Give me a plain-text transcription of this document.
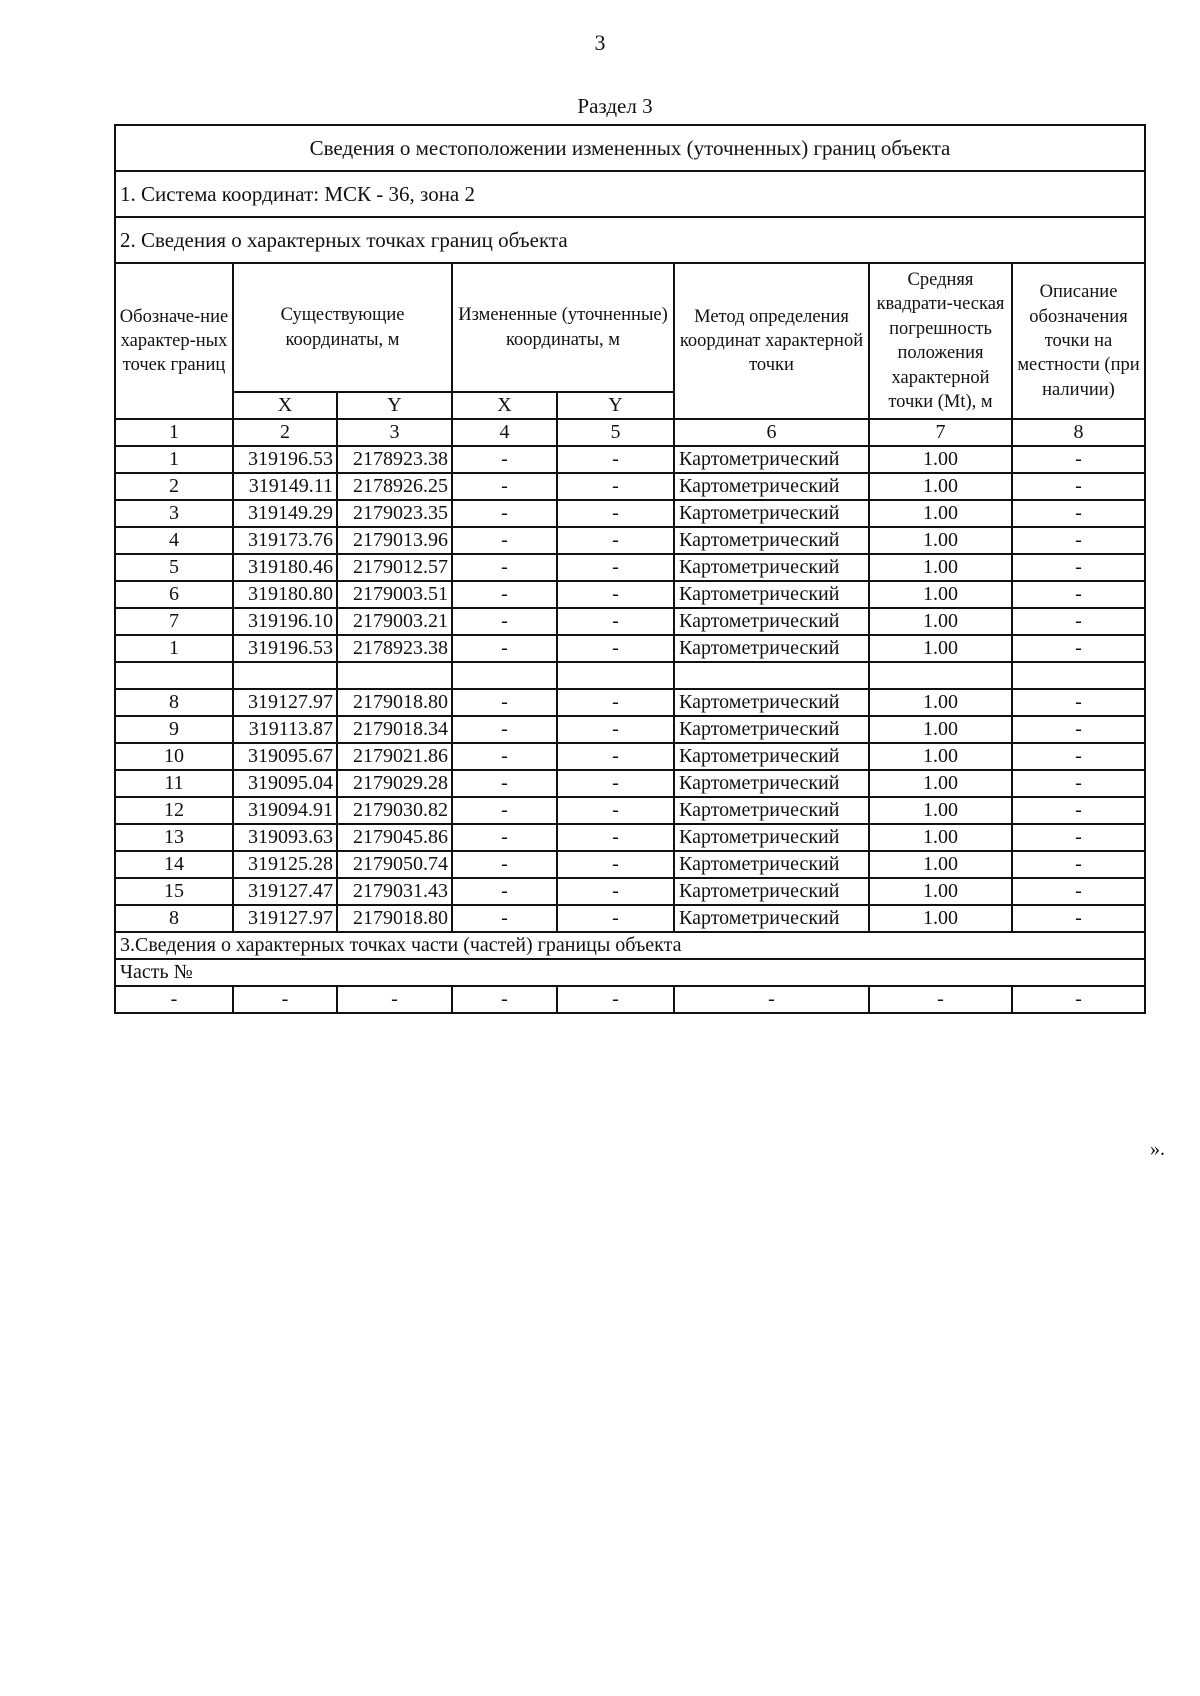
3
Раздел 3
Сведения о местоположении измененных (уточненных) границ объекта							
1. Система координат: МСК - 36, зона 2							
2. Сведения о характерных точках границ объекта							
Обозначе-ние характер-ных точек границ	Существующие координаты, м		Измененные (уточненные) координаты, м		Метод определения координат характерной точки	Средняя квадрати-ческая погрешность положения характерной точки (Mt), м	Описание обозначения точки на местности (при наличии)
	X	Y	X	Y			
1	2	3	4	5	6	7	8
1	319196.53	2178923.38	-	-	Картометрический	1.00	-
2	319149.11	2178926.25	-	-	Картометрический	1.00	-
3	319149.29	2179023.35	-	-	Картометрический	1.00	-
4	319173.76	2179013.96	-	-	Картометрический	1.00	-
5	319180.46	2179012.57	-	-	Картометрический	1.00	-
6	319180.80	2179003.51	-	-	Картометрический	1.00	-
7	319196.10	2179003.21	-	-	Картометрический	1.00	-
1	319196.53	2178923.38	-	-	Картометрический	1.00	-

8	319127.97	2179018.80	-	-	Картометрический	1.00	-
9	319113.87	2179018.34	-	-	Картометрический	1.00	-
10	319095.67	2179021.86	-	-	Картометрический	1.00	-
11	319095.04	2179029.28	-	-	Картометрический	1.00	-
12	319094.91	2179030.82	-	-	Картометрический	1.00	-
13	319093.63	2179045.86	-	-	Картометрический	1.00	-
14	319125.28	2179050.74	-	-	Картометрический	1.00	-
15	319127.47	2179031.43	-	-	Картометрический	1.00	-
8	319127.97	2179018.80	-	-	Картометрический	1.00	-
3.Сведения о характерных точках части (частей) границы объекта							
Часть №							
-	-	-	-	-	-	-	-
».
